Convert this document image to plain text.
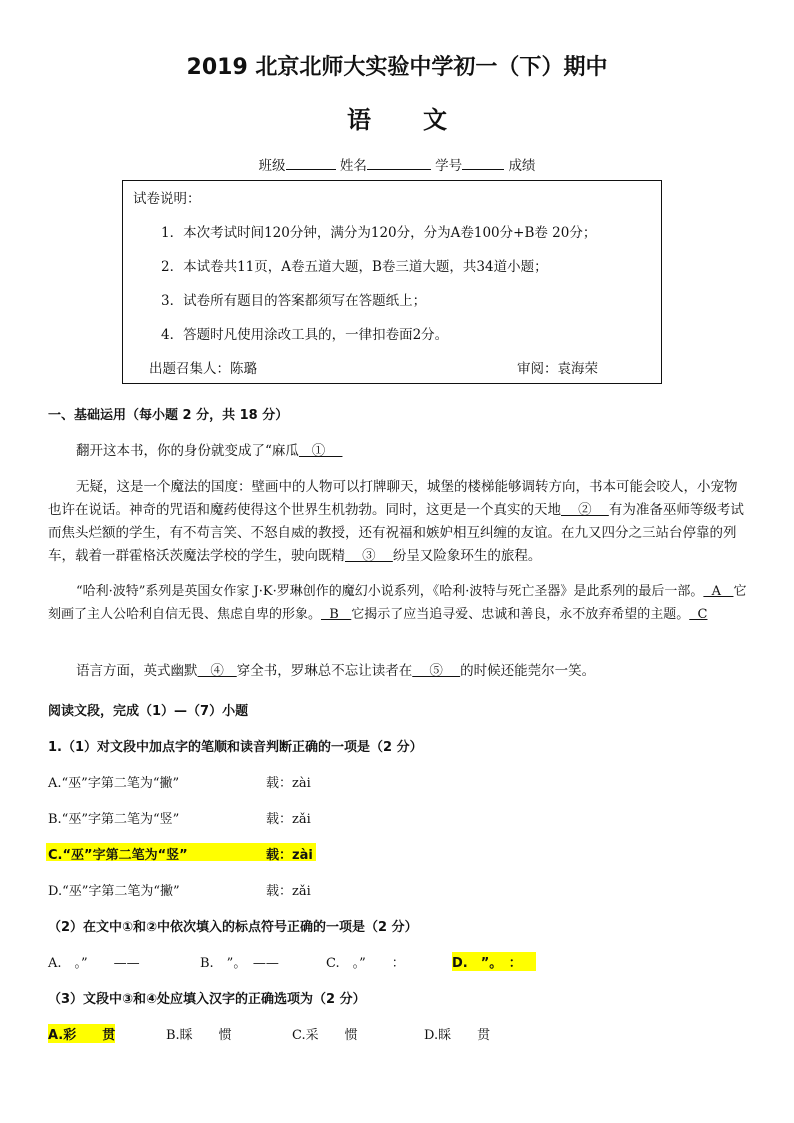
2019 北京北师大实验中学初一（下）期中
语文
班级	姓名	学号	成绩
试卷说明：
1．本次考试时间120分钟，满分为120分，分为A卷100分+B卷 20分；
2．本试卷共11页，A卷五道大题，B卷三道大题，共34道小题；
3．试卷所有题目的答案都须写在答题纸上；
4．答题时凡使用涂改工具的，一律扣卷面2分。
出题召集人：陈璐	审阅：袁海荣
一、基础运用（每小题 2 分，共 18 分）
翻开这本书，你的身份就变成了“麻瓜   ①
无疑，这是一个魔法的国度：壁画中的人物可以打牌聊天，城堡的楼梯能够调转方向，书本可能会咬人，小宠物也许在说话。神奇的咒语和魔药使得这个世界生机勃勃。同时，这更是一个真实的天地    ②    有为准备巫师等级考试而焦头烂额的学生，有不苟言笑、不怒自威的教授，还有祝福和嫉妒相互纠缠的友谊。在九又四分之三站台停靠的列车，载着一群霍格沃茨魔法学校的学生，驶向既精    ③    纷呈又险象环生的旅程。
“哈利·波特”系列是英国女作家 J·K·罗琳创作的魔幻小说系列，《哈利·波特与死亡圣器》是此系列的最后一部。  A   它刻画了主人公哈利自信无畏、焦虑自卑的形象。  B   它揭示了应当追寻爱、忠诚和善良，永不放弃希望的主题。  C
语言方面，英式幽默   ④   穿全书，罗琳总不忘让读者在    ⑤    的时候还能莞尔一笑。
阅读文段，完成（1）—（7）小题
1.（1）对文段中加点字的笔顺和读音判断正确的一项是（2 分）
A.“巫”字第二笔为“撇”	载：zài
B.“巫”字第二笔为“竖”	载：zǎi
C.“巫”字第二笔为“竖”	载：zài
D.“巫”字第二笔为“撇”	载：zǎi
（2）在文中①和②中依次填入的标点符号正确的一项是（2 分）
A.　。”　　——	B.　”。　——	C.　。”　　：	D.　”。　：
（3）文段中③和④处应填入汉字的正确选项为（2 分）
A.彩　　贯	B.睬　　惯	C.采　　惯	D.睬　　贯
